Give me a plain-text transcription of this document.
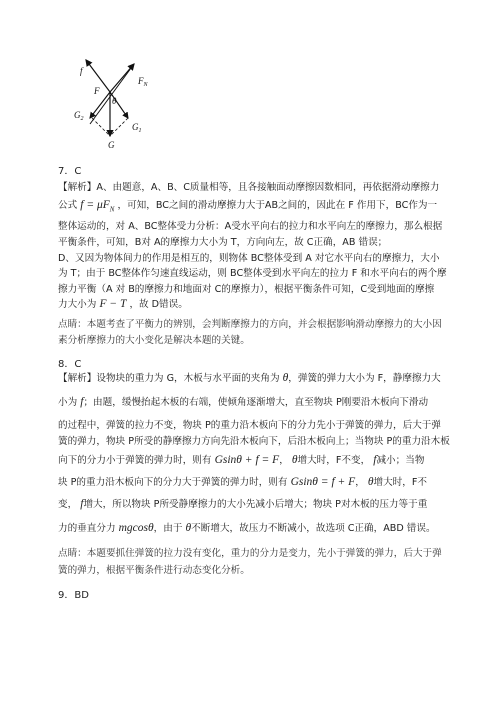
f
F
$F_N$
θ
$G_2$
$G_1$
G
7．C
【解析】A、由题意，A、B、C质量相等，且各接触面动摩擦因数相同，再依据滑动摩擦力
公式 $f = \mu F_N$ ，可知，BC之间的滑动摩擦力大于AB之间的，因此在 F 作用下，BC作为一
整体运动的，对 A、BC整体受力分析：A受水平向右的拉力和水平向左的摩擦力，那么根据
平衡条件，可知，B对 A的摩擦力大小为 T，方向向左，故 C正确，AB 错误；
D、又因为物体间力的作用是相互的，则物体 BC整体受到 A 对它水平向右的摩擦力，大小
为 T；由于 BC整体作匀速直线运动，则 BC整体受到水平向左的拉力 F 和水平向右的两个摩
擦力平衡（A 对 B的摩擦力和地面对 C的摩擦力），根据平衡条件可知，C受到地面的摩擦
力大小为 F − T ，故 D错误。
点睛：本题考查了平衡力的辨别，会判断摩擦力的方向，并会根据影响滑动摩擦力的大小因
素分析摩擦力的大小变化是解决本题的关键。
8．C
【解析】设物块的重力为 G，木板与水平面的夹角为 θ，弹簧的弹力大小为 F，静摩擦力大
小为 f；由题，缓慢抬起木板的右端，使倾角逐渐增大，直至物块 P刚要沿木板向下滑动
的过程中，弹簧的拉力不变，物块 P的重力沿木板向下的分力先小于弹簧的弹力，后大于弹
簧的弹力，物块 P所受的静摩擦力方向先沿木板向下，后沿木板向上；当物块 P的重力沿木板
向下的分力小于弹簧的弹力时，则有 Gsinθ + f = F， θ增大时，F不变， f减小；当物
块 P的重力沿木板向下的分力大于弹簧的弹力时，则有 Gsinθ = f + F， θ增大时，F不
变， f增大，所以物块 P所受静摩擦力的大小先减小后增大；物块 P对木板的压力等于重
力的垂直分力 mgcosθ，由于 θ不断增大，故压力不断减小，故选项 C正确，ABD 错误。
点睛：本题要抓住弹簧的拉力没有变化，重力的分力是变力，先小于弹簧的弹力，后大于弹
簧的弹力，根据平衡条件进行动态变化分析。
9．BD
